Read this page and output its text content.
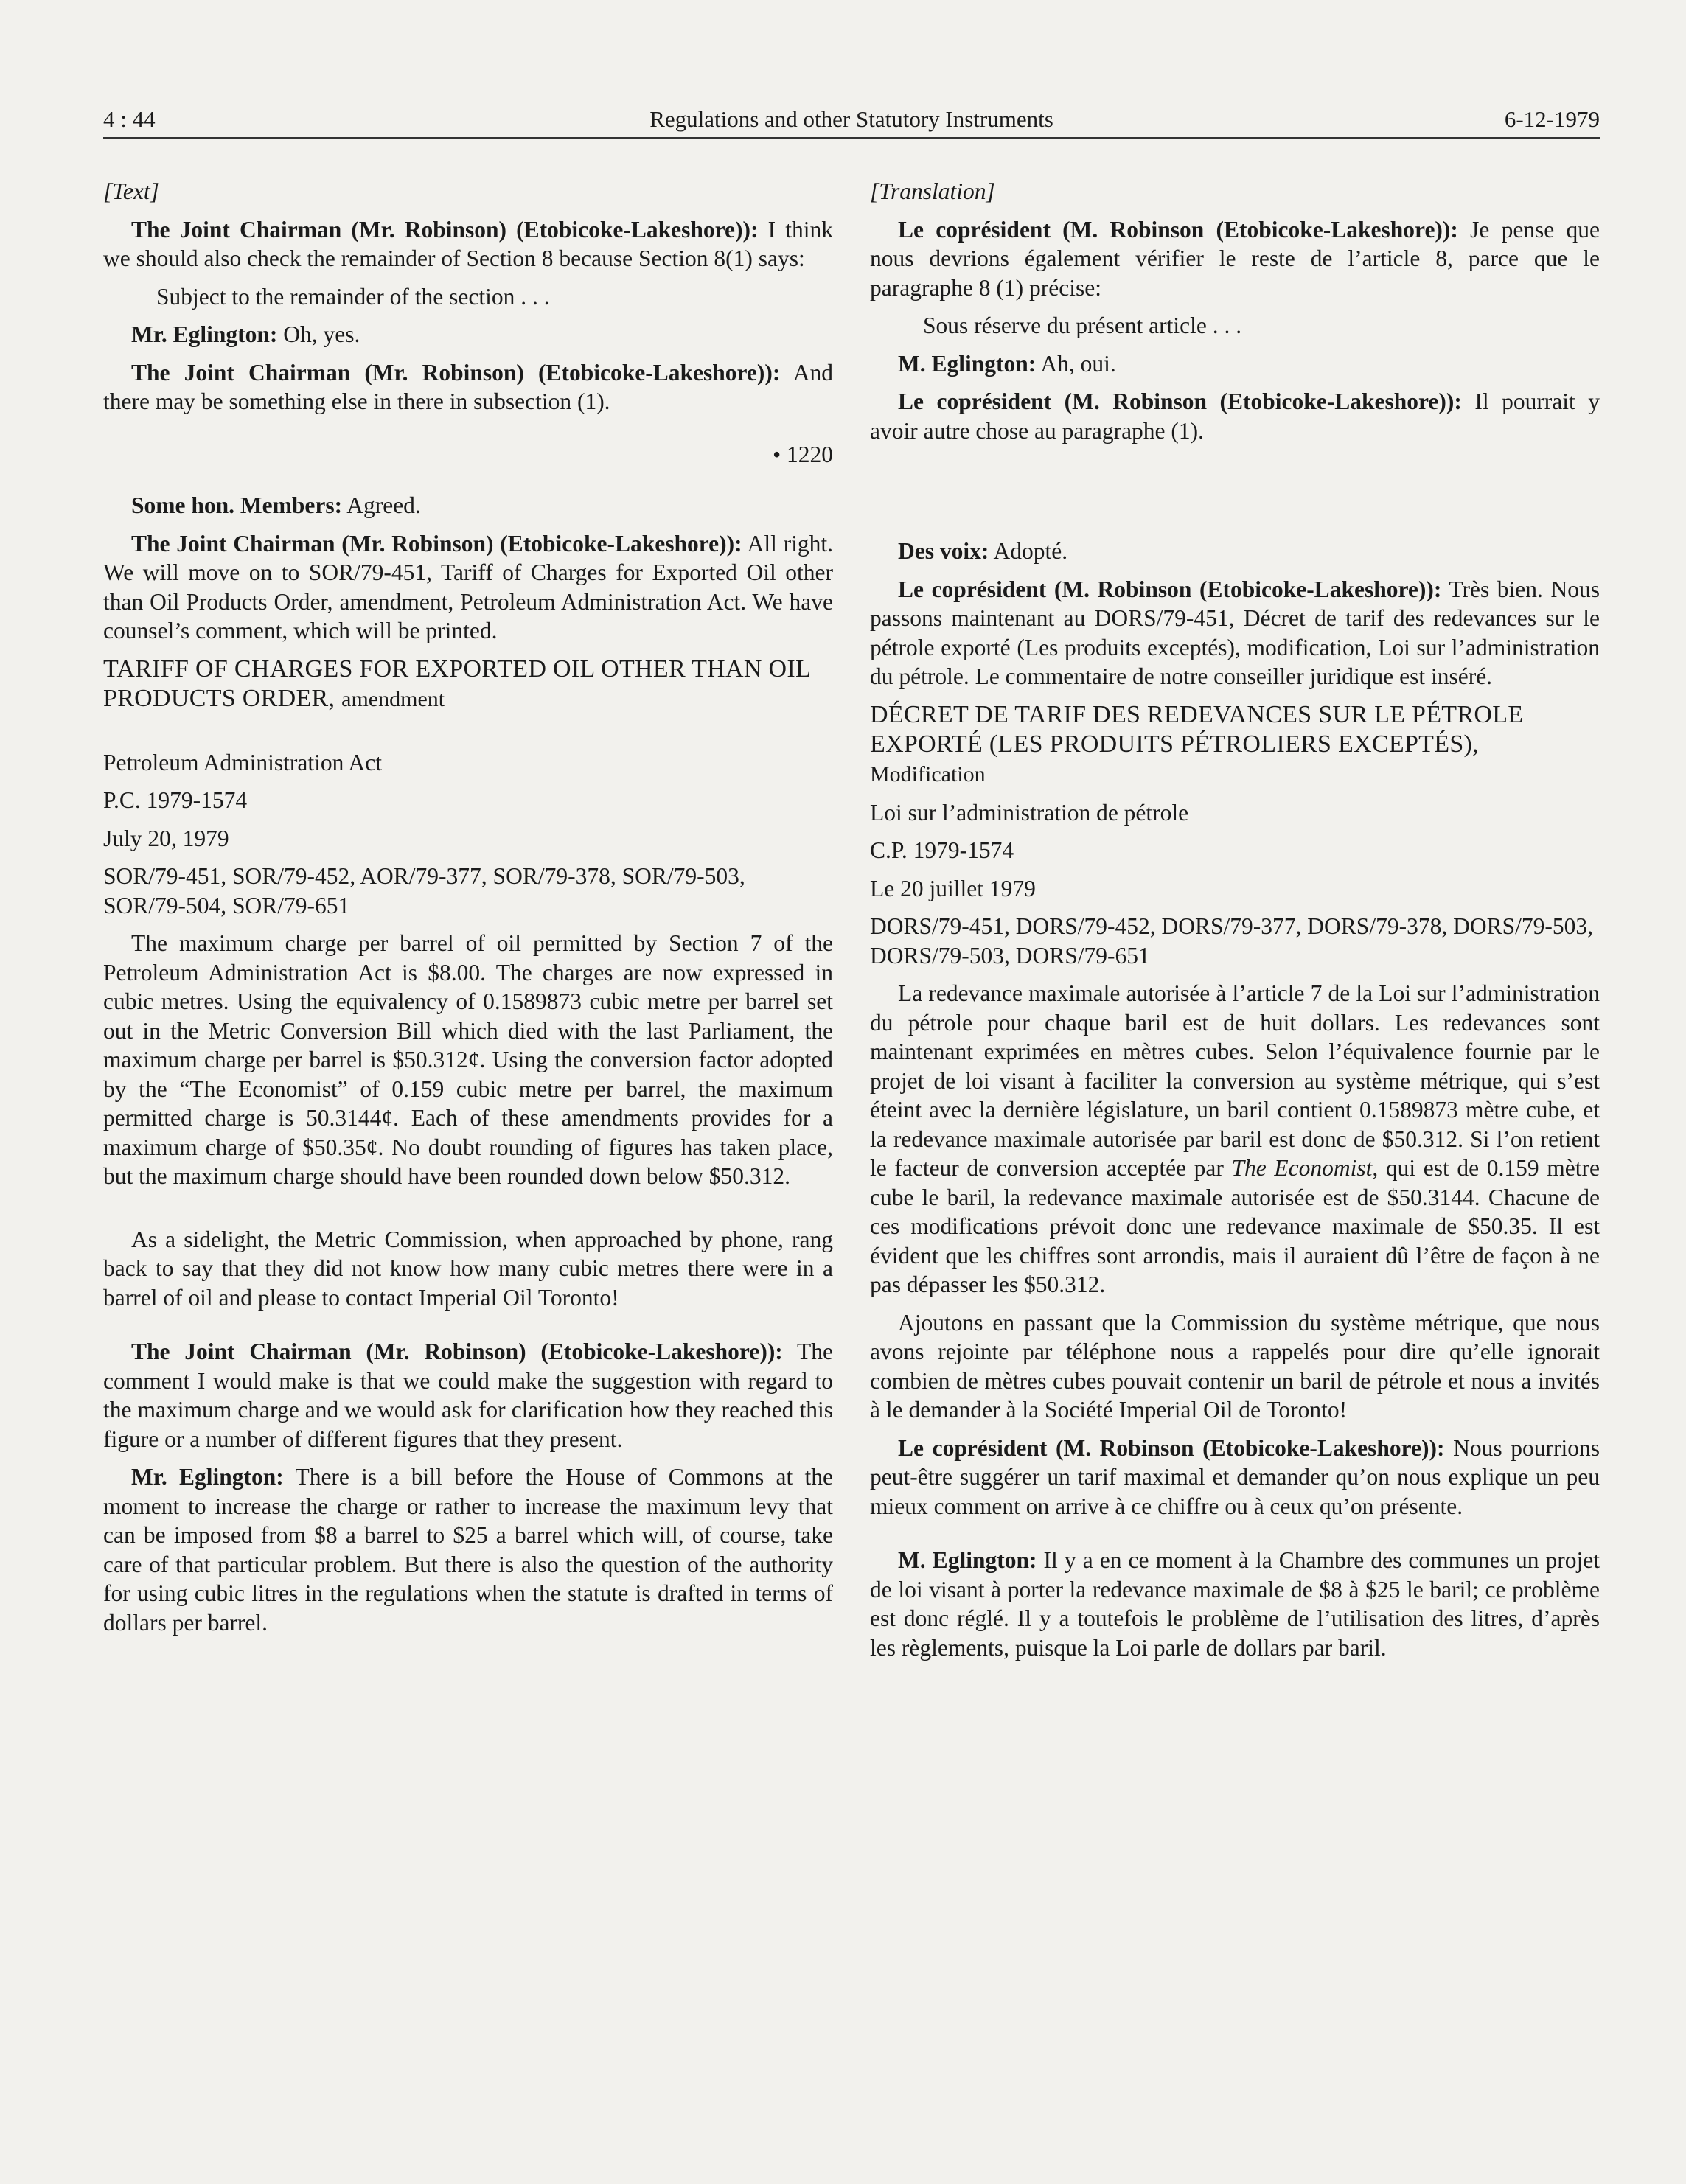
4 : 44	Regulations and other Statutory Instruments	6-12-1979

[Text]

The Joint Chairman (Mr. Robinson) (Etobicoke-Lakeshore)): I think we should also check the remainder of Section 8 because Section 8(1) says:

Subject to the remainder of the section . . .

Mr. Eglington: Oh, yes.

The Joint Chairman (Mr. Robinson) (Etobicoke-Lakeshore)): And there may be something else in there in subsection (1).

• 1220

Some hon. Members: Agreed.

The Joint Chairman (Mr. Robinson) (Etobicoke-Lakeshore)): All right. We will move on to SOR/79-451, Tariff of Charges for Exported Oil other than Oil Products Order, amendment, Petroleum Administration Act. We have counsel’s comment, which will be printed.

TARIFF OF CHARGES FOR EXPORTED OIL OTHER THAN OIL PRODUCTS ORDER, amendment

Petroleum Administration Act

P.C. 1979-1574

July 20, 1979

SOR/79-451, SOR/79-452, AOR/79-377, SOR/79-378, SOR/79-503, SOR/79-504, SOR/79-651

The maximum charge per barrel of oil permitted by Section 7 of the Petroleum Administration Act is $8.00. The charges are now expressed in cubic metres. Using the equivalency of 0.1589873 cubic metre per barrel set out in the Metric Conversion Bill which died with the last Parliament, the maximum charge per barrel is $50.312¢. Using the conversion factor adopted by the “The Economist” of 0.159 cubic metre per barrel, the maximum permitted charge is 50.3144¢. Each of these amendments provides for a maximum charge of $50.35¢. No doubt rounding of figures has taken place, but the maximum charge should have been rounded down below $50.312.

As a sidelight, the Metric Commission, when approached by phone, rang back to say that they did not know how many cubic metres there were in a barrel of oil and please to contact Imperial Oil Toronto!

The Joint Chairman (Mr. Robinson) (Etobicoke-Lakeshore)): The comment I would make is that we could make the suggestion with regard to the maximum charge and we would ask for clarification how they reached this figure or a number of different figures that they present.

Mr. Eglington: There is a bill before the House of Commons at the moment to increase the charge or rather to increase the maximum levy that can be imposed from $8 a barrel to $25 a barrel which will, of course, take care of that particular problem. But there is also the question of the authority for using cubic litres in the regulations when the statute is drafted in terms of dollars per barrel.

[Translation]

Le coprésident (M. Robinson (Etobicoke-Lakeshore)): Je pense que nous devrions également vérifier le reste de l’article 8, parce que le paragraphe 8 (1) précise:

Sous réserve du présent article . . .

M. Eglington: Ah, oui.

Le coprésident (M. Robinson (Etobicoke-Lakeshore)): Il pourrait y avoir autre chose au paragraphe (1).

Des voix: Adopté.

Le coprésident (M. Robinson (Etobicoke-Lakeshore)): Très bien. Nous passons maintenant au DORS/79-451, Décret de tarif des redevances sur le pétrole exporté (Les produits exceptés), modification, Loi sur l’administration du pétrole. Le commentaire de notre conseiller juridique est inséré.

DÉCRET DE TARIF DES REDEVANCES SUR LE PÉTROLE EXPORTÉ (LES PRODUITS PÉTROLIERS EXCEPTÉS), Modification

Loi sur l’administration de pétrole

C.P. 1979-1574

Le 20 juillet 1979

DORS/79-451, DORS/79-452, DORS/79-377, DORS/79-378, DORS/79-503, DORS/79-503, DORS/79-651

La redevance maximale autorisée à l’article 7 de la Loi sur l’administration du pétrole pour chaque baril est de huit dollars. Les redevances sont maintenant exprimées en mètres cubes. Selon l’équivalence fournie par le projet de loi visant à faciliter la conversion au système métrique, qui s’est éteint avec la dernière législature, un baril contient 0.1589873 mètre cube, et la redevance maximale autorisée par baril est donc de $50.312. Si l’on retient le facteur de conversion acceptée par The Economist, qui est de 0.159 mètre cube le baril, la redevance maximale autorisée est de $50.3144. Chacune de ces modifications prévoit donc une redevance maximale de $50.35. Il est évident que les chiffres sont arrondis, mais il auraient dû l’être de façon à ne pas dépasser les $50.312.

Ajoutons en passant que la Commission du système métrique, que nous avons rejointe par téléphone nous a rappelés pour dire qu’elle ignorait combien de mètres cubes pouvait contenir un baril de pétrole et nous a invités à le demander à la Société Imperial Oil de Toronto!

Le coprésident (M. Robinson (Etobicoke-Lakeshore)): Nous pourrions peut-être suggérer un tarif maximal et demander qu’on nous explique un peu mieux comment on arrive à ce chiffre ou à ceux qu’on présente.

M. Eglington: Il y a en ce moment à la Chambre des communes un projet de loi visant à porter la redevance maximale de $8 à $25 le baril; ce problème est donc réglé. Il y a toutefois le problème de l’utilisation des litres, d’après les règlements, puisque la Loi parle de dollars par baril.
